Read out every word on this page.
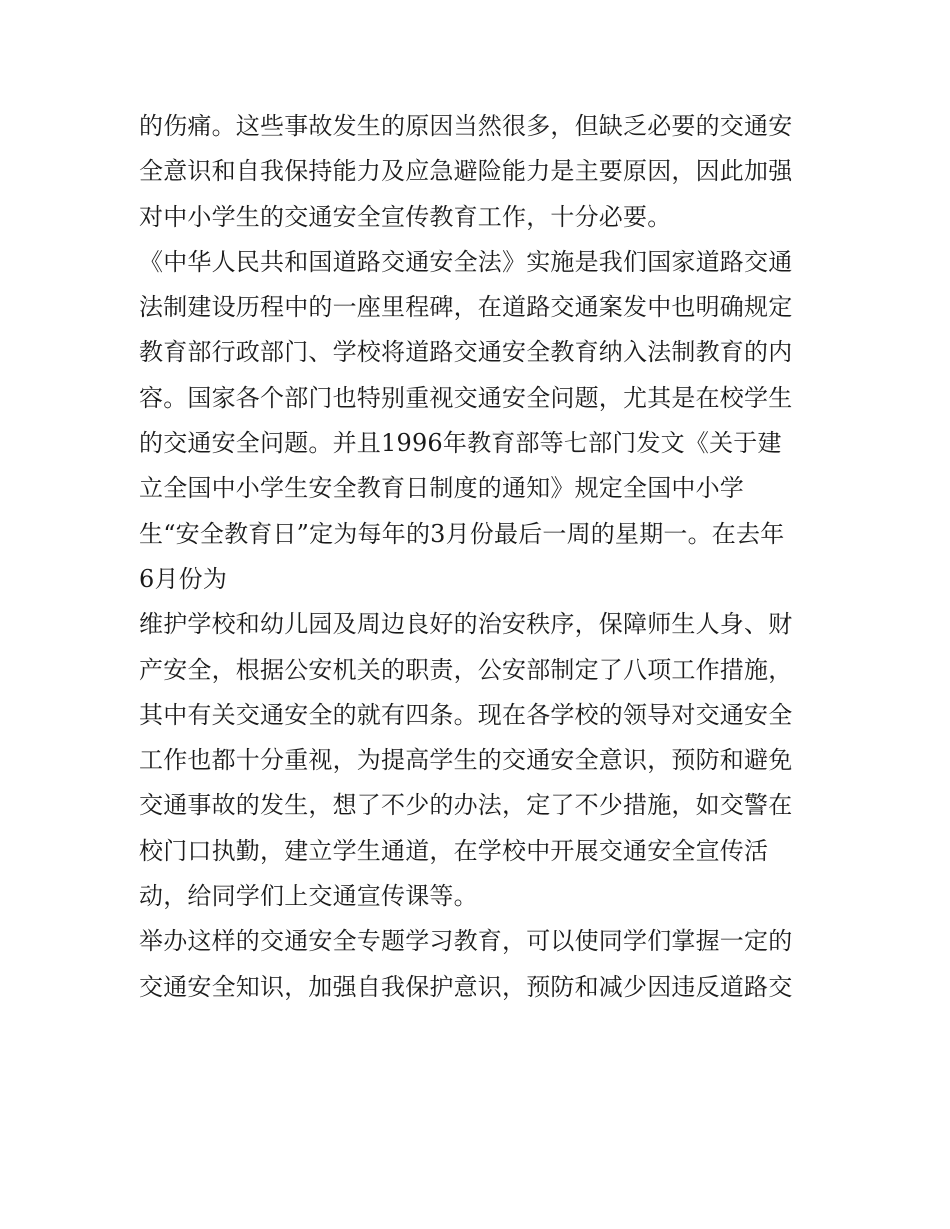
的伤痛。这些事故发生的原因当然很多，但缺乏必要的交通安
全意识和自我保持能力及应急避险能力是主要原因，因此加强
对中小学生的交通安全宣传教育工作，十分必要。
《中华人民共和国道路交通安全法》实施是我们国家道路交通
法制建设历程中的一座里程碑，在道路交通案发中也明确规定
教育部行政部门、学校将道路交通安全教育纳入法制教育的内
容。国家各个部门也特别重视交通安全问题，尤其是在校学生
的交通安全问题。并且1996年教育部等七部门发文《关于建
立全国中小学生安全教育日制度的通知》规定全国中小学
生“安全教育日”定为每年的3月份最后一周的星期一。在去年
6月份为
维护学校和幼儿园及周边良好的治安秩序，保障师生人身、财
产安全，根据公安机关的职责，公安部制定了八项工作措施，
其中有关交通安全的就有四条。现在各学校的领导对交通安全
工作也都十分重视，为提高学生的交通安全意识，预防和避免
交通事故的发生，想了不少的办法，定了不少措施，如交警在
校门口执勤，建立学生通道，在学校中开展交通安全宣传活
动，给同学们上交通宣传课等。
举办这样的交通安全专题学习教育，可以使同学们掌握一定的
交通安全知识，加强自我保护意识，预防和减少因违反道路交
